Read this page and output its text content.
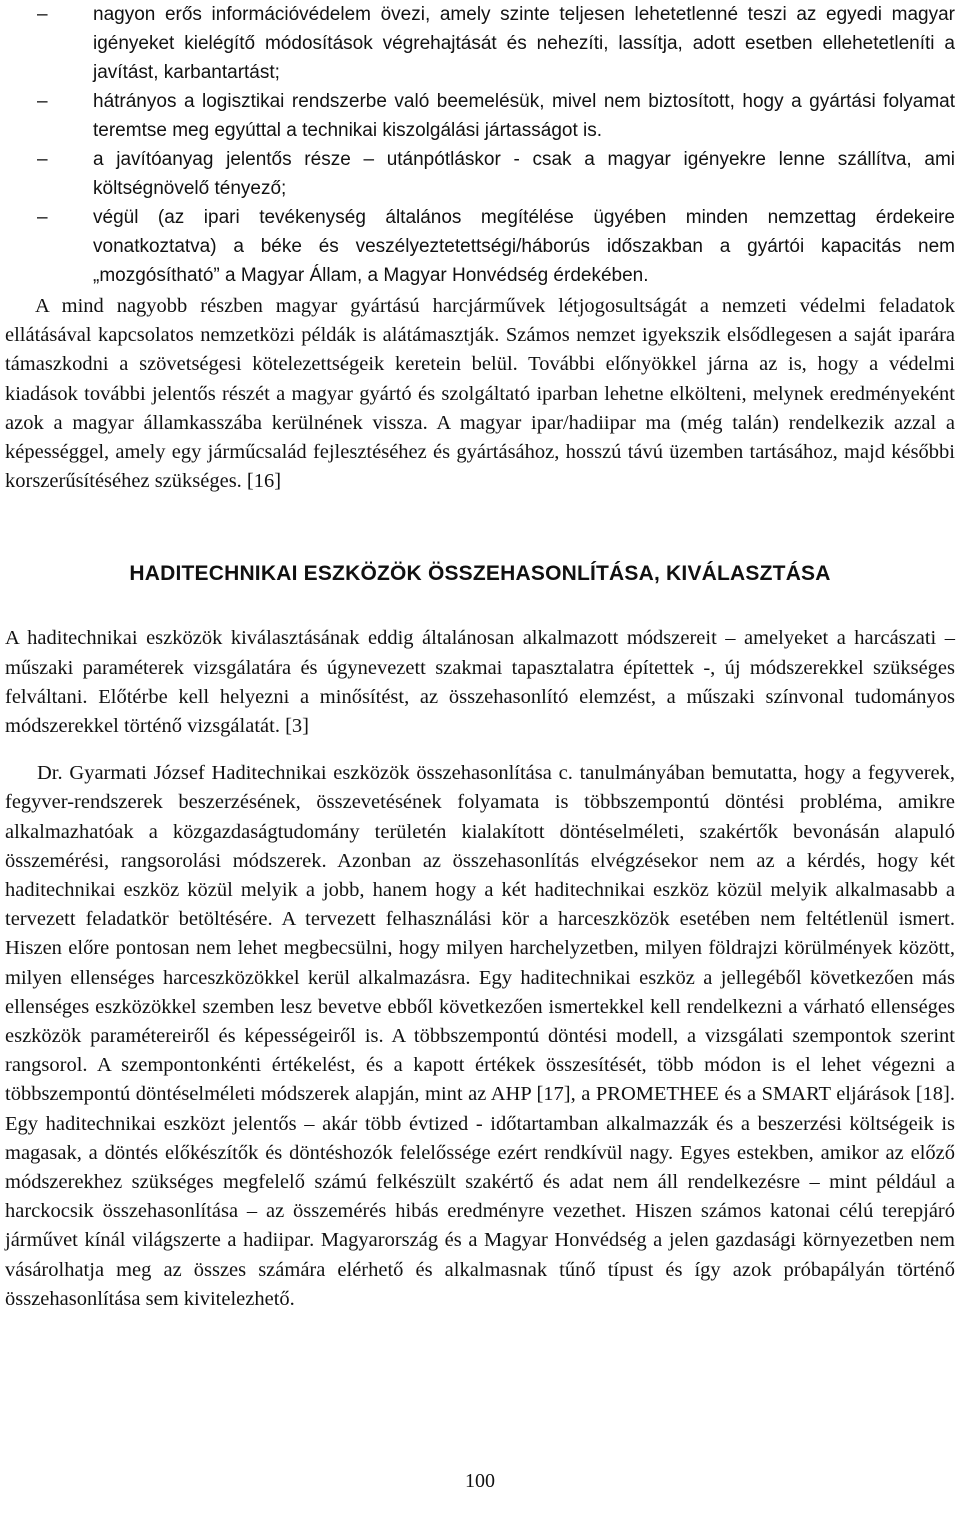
–	nagyon erős információvédelem övezi, amely szinte teljesen lehetetlenné teszi az egyedi magyar igényeket kielégítő módosítások végrehajtását és nehezíti, lassítja, adott esetben ellehetetleníti a javítást, karbantartást;
–	hátrányos a logisztikai rendszerbe való beemelésük, mivel nem biztosított, hogy a gyártási folyamat teremtse meg egyúttal a technikai kiszolgálási jártasságot is.
–	a javítóanyag jelentős része – utánpótláskor - csak a magyar igényekre lenne szállítva, ami költségnövelő tényező;
–	végül (az ipari tevékenység általános megítélése ügyében minden nemzettag érdekeire vonatkoztatva) a béke és veszélyeztetettségi/háborús időszakban a gyártói kapacitás nem „mozgósítható” a Magyar Állam, a Magyar Honvédség érdekében.

A mind nagyobb részben magyar gyártású harcjárművek létjogosultságát a nemzeti védelmi feladatok ellátásával kapcsolatos nemzetközi példák is alátámasztják. Számos nemzet igyekszik elsődlegesen a saját iparára támaszkodni a szövetségesi kötelezettségeik keretein belül. További előnyökkel járna az is, hogy a védelmi kiadások további jelentős részét a magyar gyártó és szolgáltató iparban lehetne elkölteni, melynek eredményeként azok a magyar államkasszába kerülnének vissza. A magyar ipar/hadiipar ma (még talán) rendelkezik azzal a képességgel, amely egy járműcsalád fejlesztéséhez és gyártásához, hosszú távú üzemben tartásához, majd későbbi korszerűsítéséhez szükséges. [16]

HADITECHNIKAI ESZKÖZÖK ÖSSZEHASONLÍTÁSA, KIVÁLASZTÁSA

A haditechnikai eszközök kiválasztásának eddig általánosan alkalmazott módszereit – amelyeket a harcászati – műszaki paraméterek vizsgálatára és úgynevezett szakmai tapasztalatra építettek -, új módszerekkel szükséges felváltani. Előtérbe kell helyezni a minősítést, az összehasonlító elemzést, a műszaki színvonal tudományos módszerekkel történő vizsgálatát. [3]

Dr. Gyarmati József Haditechnikai eszközök összehasonlítása c. tanulmányában bemutatta, hogy a fegyverek, fegyver-rendszerek beszerzésének, összevetésének folyamata is többszempontú döntési probléma, amikre alkalmazhatóak a közgazdaságtudomány területén kialakított döntéselméleti, szakértők bevonásán alapuló összemérési, rangsorolási módszerek. Azonban az összehasonlítás elvégzésekor nem az a kérdés, hogy két haditechnikai eszköz közül melyik a jobb, hanem hogy a két haditechnikai eszköz közül melyik alkalmasabb a tervezett feladatkör betöltésére. A tervezett felhasználási kör a harceszközök esetében nem feltétlenül ismert. Hiszen előre pontosan nem lehet megbecsülni, hogy milyen harchelyzetben, milyen földrajzi körülmények között, milyen ellenséges harceszközökkel kerül alkalmazásra. Egy haditechnikai eszköz a jellegéből következően más ellenséges eszközökkel szemben lesz bevetve ebből következően ismertekkel kell rendelkezni a várható ellenséges eszközök paramétereiről és képességeiről is. A többszempontú döntési modell, a vizsgálati szempontok szerint rangsorol. A szempontonkénti értékelést, és a kapott értékek összesítését, több módon is el lehet végezni a többszempontú döntéselméleti módszerek alapján, mint az AHP [17], a PROMETHEE és a SMART eljárások [18]. Egy haditechnikai eszközt jelentős – akár több évtized - időtartamban alkalmazzák és a beszerzési költségeik is magasak, a döntés előkészítők és döntéshozók felelőssége ezért rendkívül nagy. Egyes estekben, amikor az előző módszerekhez szükséges megfelelő számú felkészült szakértő és adat nem áll rendelkezésre – mint például a harckocsik összehasonlítása – az összemérés hibás eredményre vezethet. Hiszen számos katonai célú terepjáró járművet kínál világszerte a hadiipar. Magyarország és a Magyar Honvédség a jelen gazdasági környezetben nem vásárolhatja meg az összes számára elérhető és alkalmasnak tűnő típust és így azok próbapályán történő összehasonlítása sem kivitelezhető.

100
